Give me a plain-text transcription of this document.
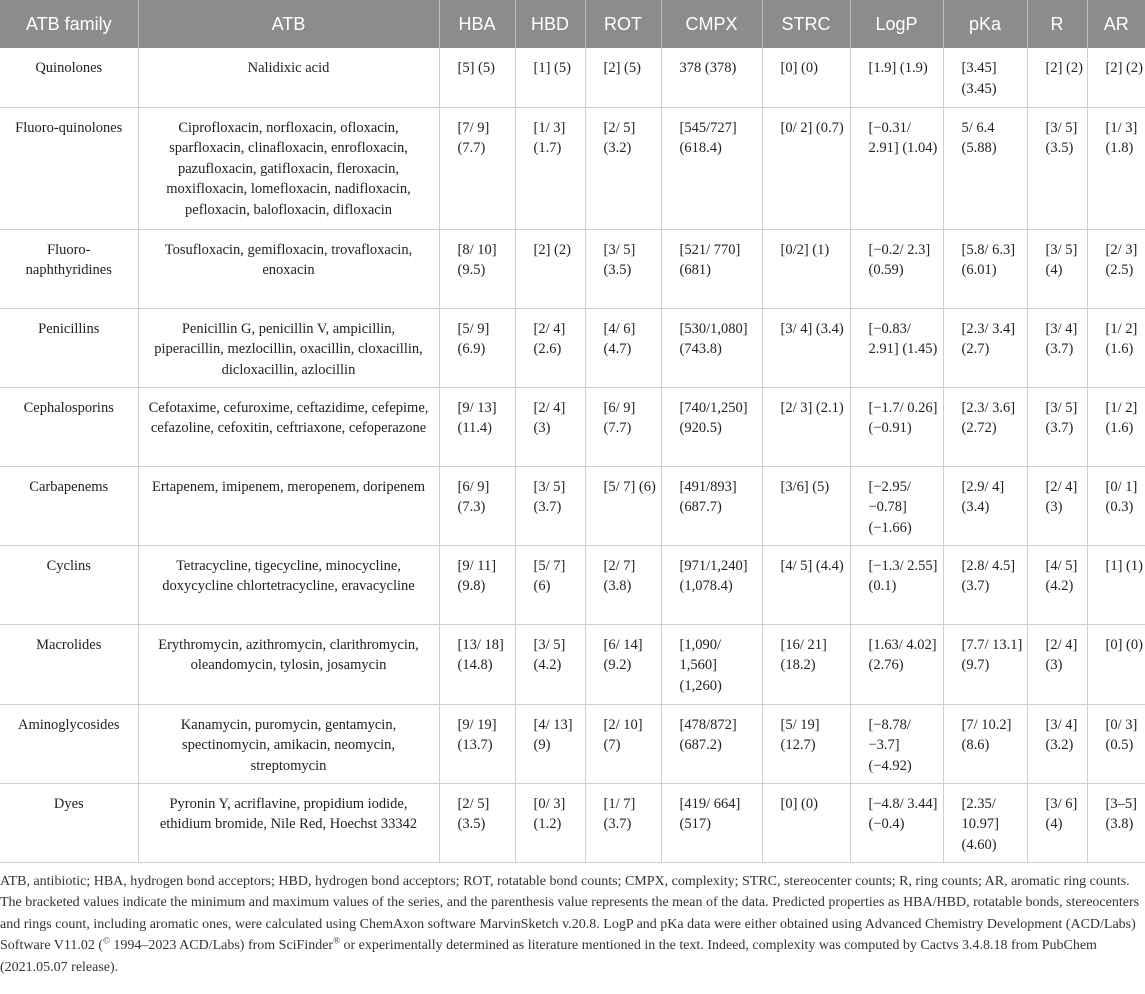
ATB family	ATB	HBA	HBD	ROT	CMPX	STRC	LogP	pKa	R	AR
Quinolones	Nalidixic acid	[5] (5)	[1] (5)	[2] (5)	378 (378)	[0] (0)	[1.9] (1.9)	[3.45] (3.45)	[2] (2)	[2] (2)
Fluoro-quinolones	Ciprofloxacin, norfloxacin, ofloxacin, sparfloxacin, clinafloxacin, enrofloxacin, pazufloxacin, gatifloxacin, fleroxacin, moxifloxacin, lomefloxacin, nadifloxacin, pefloxacin, balofloxacin, difloxacin	[7/ 9] (7.7)	[1/ 3] (1.7)	[2/ 5] (3.2)	[545/727] (618.4)	[0/ 2] (0.7)	[−0.31/ 2.91] (1.04)	5/ 6.4 (5.88)	[3/ 5] (3.5)	[1/ 3] (1.8)
Fluoro-naphthyridines	Tosufloxacin, gemifloxacin, trovafloxacin, enoxacin	[8/ 10] (9.5)	[2] (2)	[3/ 5] (3.5)	[521/ 770] (681)	[0/2] (1)	[−0.2/ 2.3] (0.59)	[5.8/ 6.3] (6.01)	[3/ 5] (4)	[2/ 3] (2.5)
Penicillins	Penicillin G, penicillin V, ampicillin, piperacillin, mezlocillin, oxacillin, cloxacillin, dicloxacillin, azlocillin	[5/ 9] (6.9)	[2/ 4] (2.6)	[4/ 6] (4.7)	[530/1,080] (743.8)	[3/ 4] (3.4)	[−0.83/ 2.91] (1.45)	[2.3/ 3.4] (2.7)	[3/ 4] (3.7)	[1/ 2] (1.6)
Cephalosporins	Cefotaxime, cefuroxime, ceftazidime, cefepime, cefazoline, cefoxitin, ceftriaxone, cefoperazone	[9/ 13] (11.4)	[2/ 4] (3)	[6/ 9] (7.7)	[740/1,250] (920.5)	[2/ 3] (2.1)	[−1.7/ 0.26] (−0.91)	[2.3/ 3.6] (2.72)	[3/ 5] (3.7)	[1/ 2] (1.6)
Carbapenems	Ertapenem, imipenem, meropenem, doripenem	[6/ 9] (7.3)	[3/ 5] (3.7)	[5/ 7] (6)	[491/893] (687.7)	[3/6] (5)	[−2.95/ −0.78] (−1.66)	[2.9/ 4] (3.4)	[2/ 4] (3)	[0/ 1] (0.3)
Cyclins	Tetracycline, tigecycline, minocycline, doxycycline chlortetracycline, eravacycline	[9/ 11] (9.8)	[5/ 7] (6)	[2/ 7] (3.8)	[971/1,240] (1,078.4)	[4/ 5] (4.4)	[−1.3/ 2.55] (0.1)	[2.8/ 4.5] (3.7)	[4/ 5] (4.2)	[1] (1)
Macrolides	Erythromycin, azithromycin, clarithromycin, oleandomycin, tylosin, josamycin	[13/ 18] (14.8)	[3/ 5] (4.2)	[6/ 14] (9.2)	[1,090/ 1,560] (1,260)	[16/ 21] (18.2)	[1.63/ 4.02] (2.76)	[7.7/ 13.1] (9.7)	[2/ 4] (3)	[0] (0)
Aminoglycosides	Kanamycin, puromycin, gentamycin, spectinomycin, amikacin, neomycin, streptomycin	[9/ 19] (13.7)	[4/ 13] (9)	[2/ 10] (7)	[478/872] (687.2)	[5/ 19] (12.7)	[−8.78/ −3.7] (−4.92)	[7/ 10.2] (8.6)	[3/ 4] (3.2)	[0/ 3] (0.5)
Dyes	Pyronin Y, acriflavine, propidium iodide, ethidium bromide, Nile Red, Hoechst 33342	[2/ 5] (3.5)	[0/ 3] (1.2)	[1/ 7] (3.7)	[419/ 664] (517)	[0] (0)	[−4.8/ 3.44] (−0.4)	[2.35/ 10.97] (4.60)	[3/ 6] (4)	[3–5] (3.8)

ATB, antibiotic; HBA, hydrogen bond acceptors; HBD, hydrogen bond acceptors; ROT, rotatable bond counts; CMPX, complexity; STRC, stereocenter counts; R, ring counts; AR, aromatic ring counts.

The bracketed values indicate the minimum and maximum values of the series, and the parenthesis value represents the mean of the data. Predicted properties as HBA/HBD, rotatable bonds, stereocenters and rings count, including aromatic ones, were calculated using ChemAxon software MarvinSketch v.20.8. LogP and pKa data were either obtained using Advanced Chemistry Development (ACD/Labs) Software V11.02 (© 1994–2023 ACD/Labs) from SciFinder® or experimentally determined as literature mentioned in the text. Indeed, complexity was computed by Cactvs 3.4.8.18 from PubChem (2021.05.07 release).
